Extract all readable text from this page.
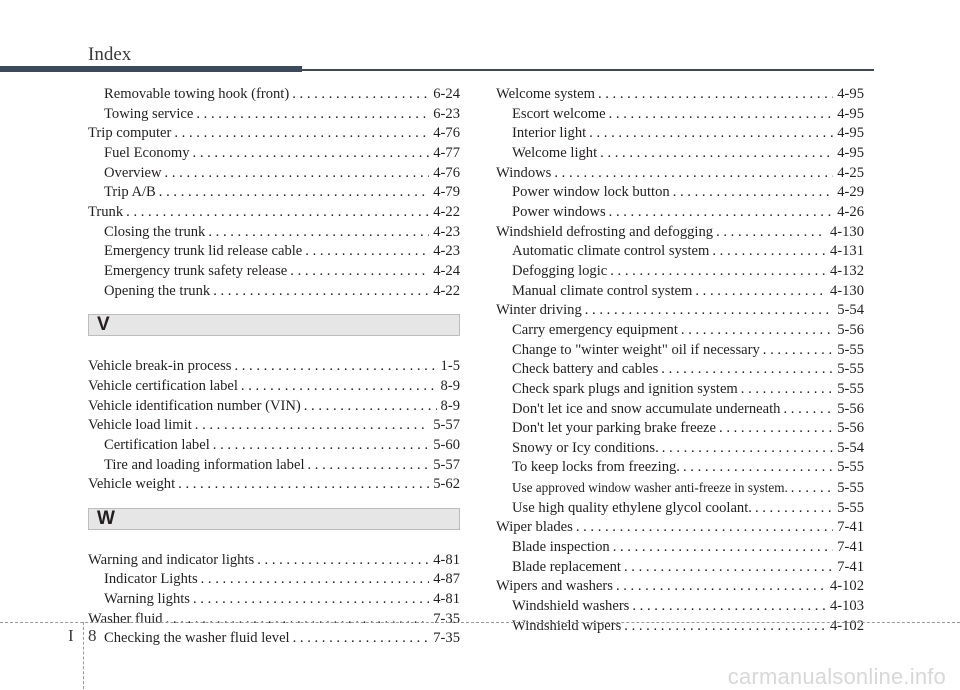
Index
Removable towing hook (front) . . .	6-24
Towing service . . .	6-23
Trip computer . . .	4-76
Fuel Economy . . .	4-77
Overview . . .	4-76
Trip A/B . . .	4-79
Trunk . . .	4-22
Closing the trunk . . .	4-23
Emergency trunk lid release cable . . .	4-23
Emergency trunk safety release . . .	4-24
Opening the trunk . . .	4-22
V
Vehicle break-in process . . .	1-5
Vehicle certification label . . .	8-9
Vehicle identification number (VIN) . . .	8-9
Vehicle load limit . . .	5-57
Certification label . . .	5-60
Tire and loading information label . . .	5-57
Vehicle weight . . .	5-62
W
Warning and indicator lights . . .	4-81
Indicator Lights . . .	4-87
Warning lights . . .	4-81
Washer fluid . . .	7-35
Checking the washer fluid level . . .	7-35
Welcome system . . .	4-95
Escort welcome . . .	4-95
Interior light . . .	4-95
Welcome light . . .	4-95
Windows . . .	4-25
Power window lock button . . .	4-29
Power windows . . .	4-26
Windshield defrosting and defogging . . .	4-130
Automatic climate control system . . .	4-131
Defogging logic . . .	4-132
Manual climate control system . . .	4-130
Winter driving . . .	5-54
Carry emergency equipment . . .	5-56
Change to "winter weight" oil if necessary . . .	5-55
Check battery and cables . . .	5-55
Check spark plugs and ignition system . . .	5-55
Don't let ice and snow accumulate underneath . . .	5-56
Don't let your parking brake freeze . . .	5-56
Snowy or Icy conditions. . . .	5-54
To keep locks from freezing. . . .	5-55
Use approved window washer anti-freeze in system. . . .	5-55
Use high quality ethylene glycol coolant. . . .	5-55
Wiper blades . . .	7-41
Blade inspection . . .	7-41
Blade replacement . . .	7-41
Wipers and washers . . .	4-102
Windshield washers . . .	4-103
Windshield wipers . . .	4-102
I 8
carmanualsonline.info
